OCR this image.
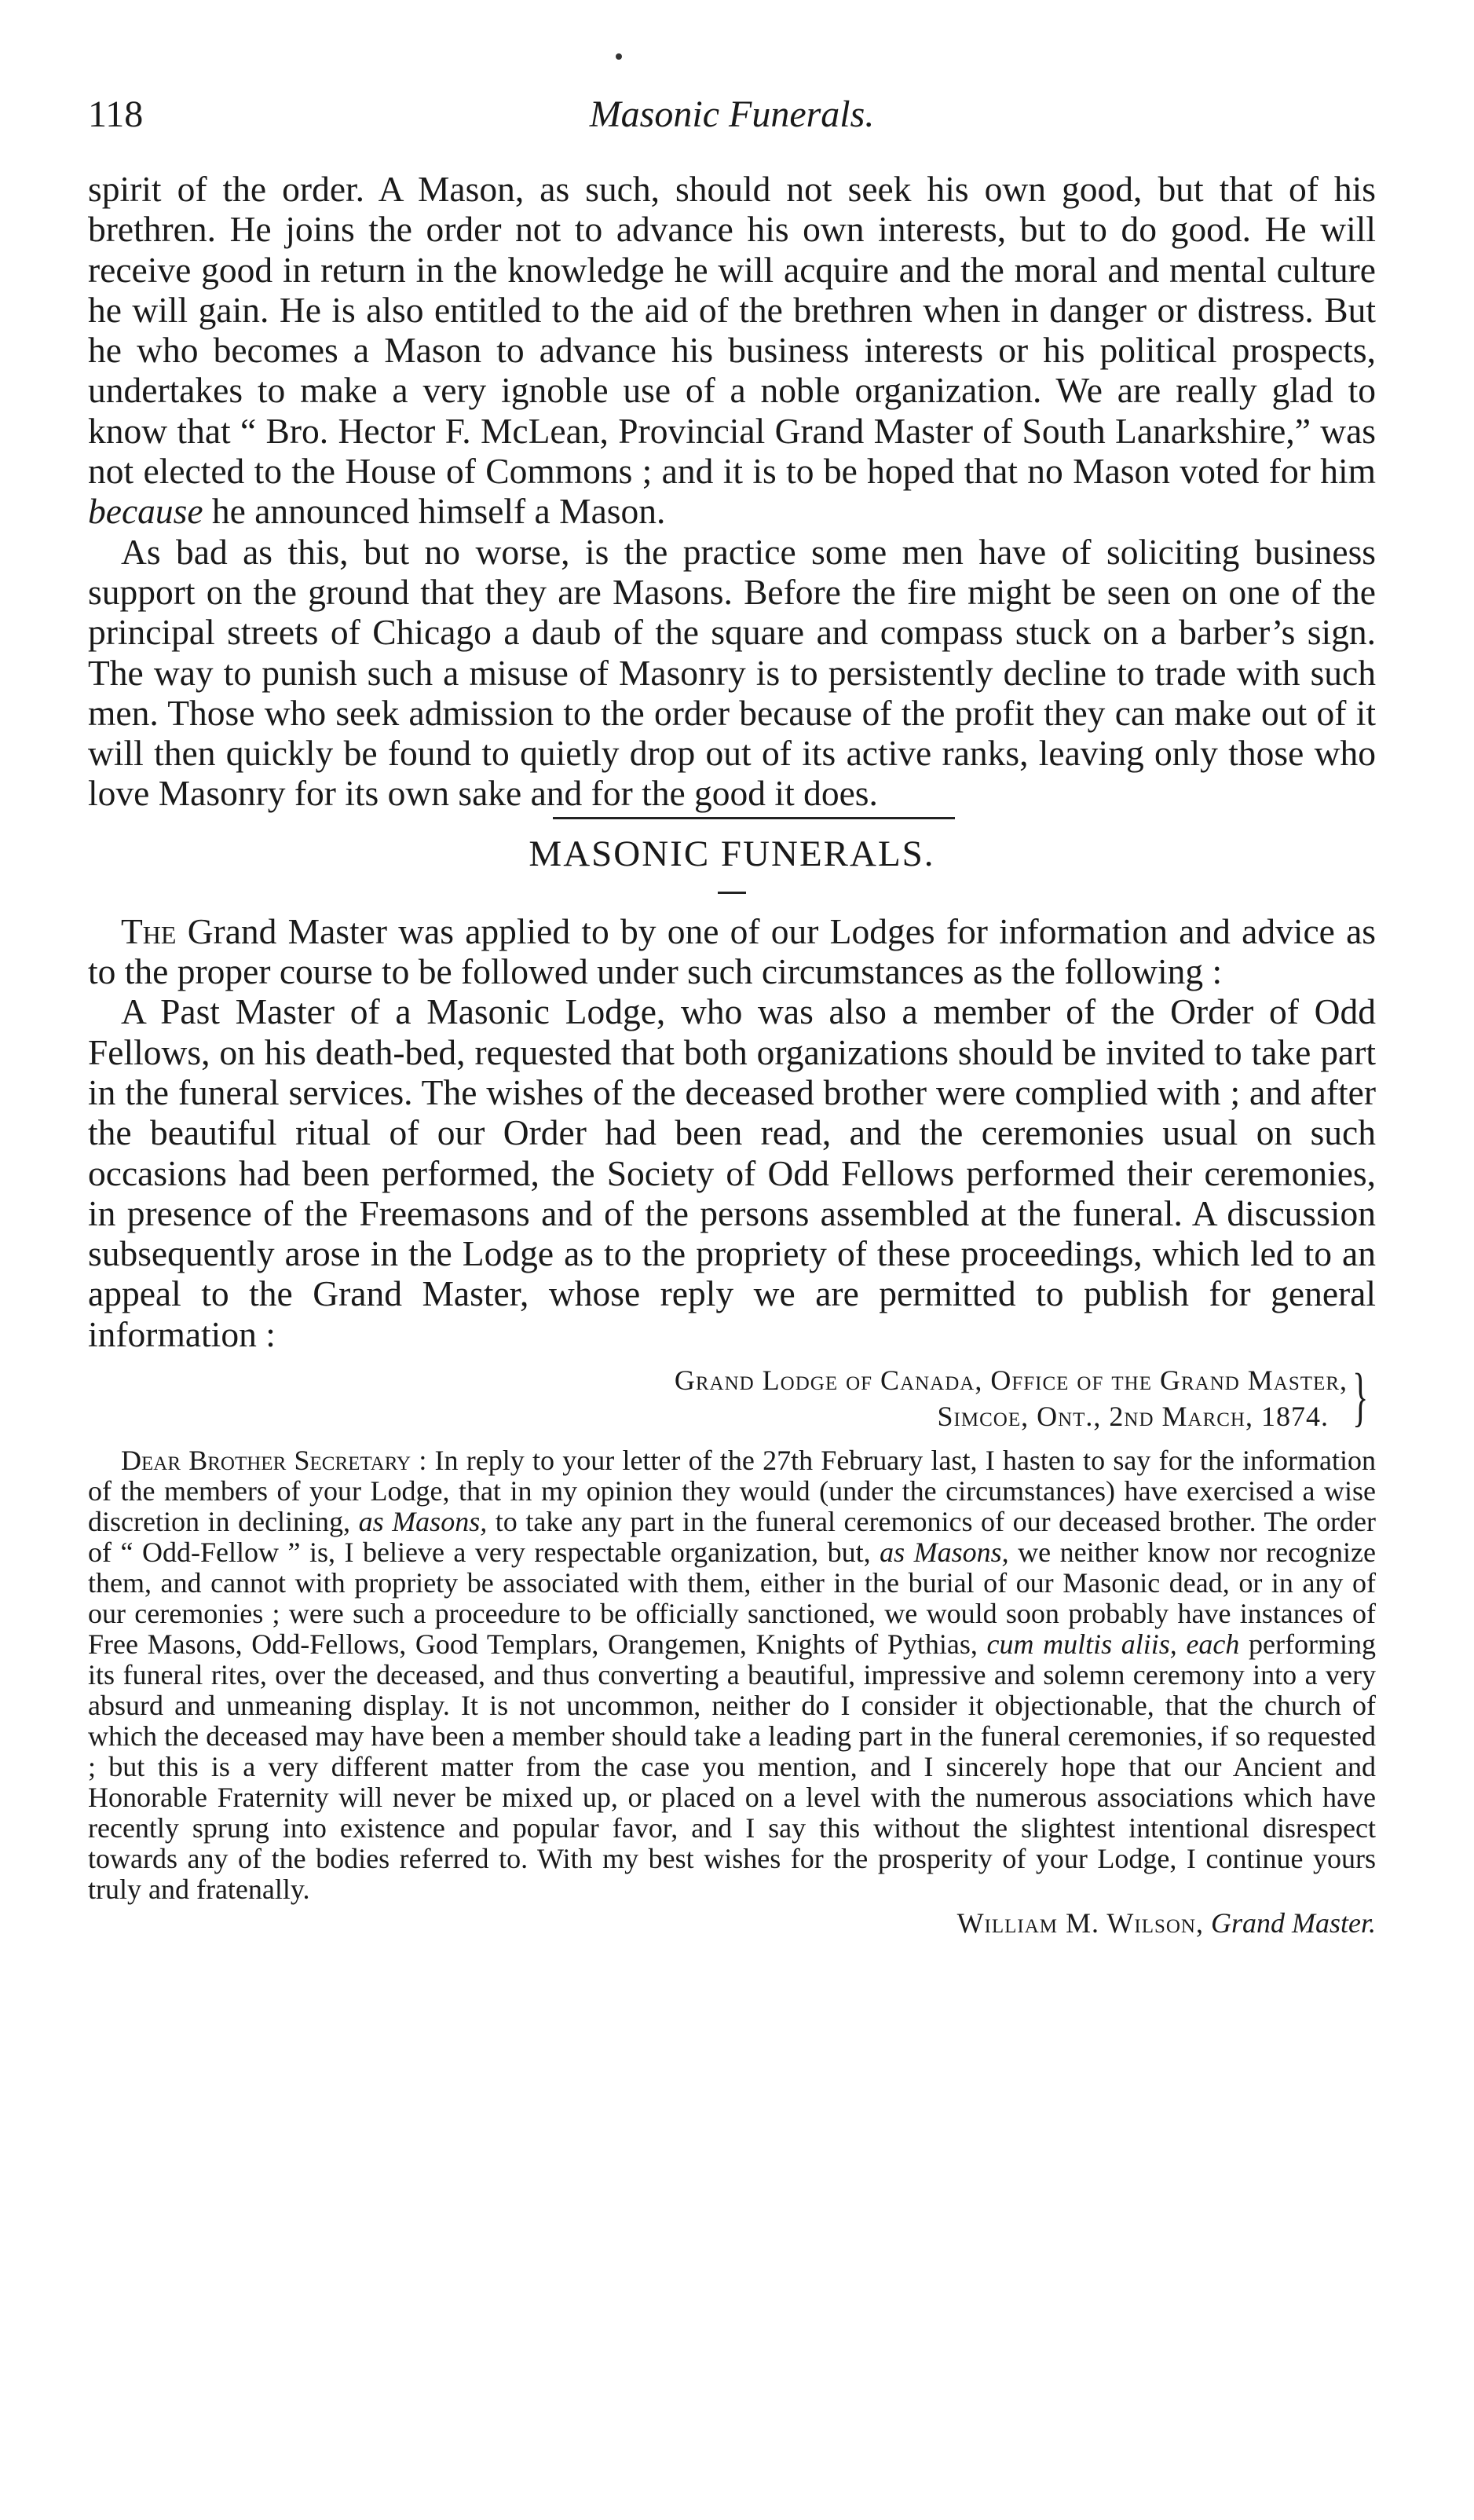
118	Masonic Funerals.

spirit of the order. A Mason, as such, should not seek his own good, but that of his brethren. He joins the order not to advance his own interests, but to do good. He will receive good in return in the knowledge he will acquire and the moral and mental culture he will gain. He is also entitled to the aid of the brethren when in danger or distress. But he who becomes a Mason to advance his business interests or his political prospects, undertakes to make a very ignoble use of a noble organization. We are really glad to know that “ Bro. Hector F. McLean, Provincial Grand Master of South Lanarkshire,” was not elected to the House of Commons ; and it is to be hoped that no Mason voted for him because he announced himself a Mason.

As bad as this, but no worse, is the practice some men have of soliciting business support on the ground that they are Masons. Before the fire might be seen on one of the principal streets of Chicago a daub of the square and compass stuck on a barber’s sign. The way to punish such a misuse of Masonry is to persistently decline to trade with such men. Those who seek admission to the order because of the profit they can make out of it will then quickly be found to quietly drop out of its active ranks, leaving only those who love Masonry for its own sake and for the good it does.

MASONIC FUNERALS.

The Grand Master was applied to by one of our Lodges for information and advice as to the proper course to be followed under such circumstances as the following :

A Past Master of a Masonic Lodge, who was also a member of the Order of Odd Fellows, on his death-bed, requested that both organizations should be invited to take part in the funeral services. The wishes of the deceased brother were complied with ; and after the beautiful ritual of our Order had been read, and the ceremonies usual on such occasions had been performed, the Society of Odd Fellows performed their ceremonies, in presence of the Freemasons and of the persons assembled at the funeral. A discussion subsequently arose in the Lodge as to the propriety of these proceedings, which led to an appeal to the Grand Master, whose reply we are permitted to publish for general information :

Grand Lodge of Canada, Office of the Grand Master,
Simcoe, Ont., 2nd March, 1874. }

Dear Brother Secretary : In reply to your letter of the 27th February last, I hasten to say for the information of the members of your Lodge, that in my opinion they would (under the circumstances) have exercised a wise discretion in declining, as Masons, to take any part in the funeral ceremonics of our deceased brother. The order of “ Odd-Fellow ” is, I believe a very respectable organization, but, as Masons, we neither know nor recognize them, and cannot with propriety be associated with them, either in the burial of our Masonic dead, or in any of our ceremonies ; were such a proceedure to be officially sanctioned, we would soon probably have instances of Free Masons, Odd-Fellows, Good Templars, Orangemen, Knights of Pythias, cum multis aliis, each performing its funeral rites, over the deceased, and thus converting a beautiful, impressive and solemn ceremony into a very absurd and unmeaning display. It is not uncommon, neither do I consider it objectionable, that the church of which the deceased may have been a member should take a leading part in the funeral ceremonies, if so requested ; but this is a very different matter from the case you mention, and I sincerely hope that our Ancient and Honorable Fraternity will never be mixed up, or placed on a level with the numerous associations which have recently sprung into existence and popular favor, and I say this without the slightest intentional disrespect towards any of the bodies referred to. With my best wishes for the prosperity of your Lodge, I continue yours truly and fratenally.

William M. Wilson, Grand Master.
